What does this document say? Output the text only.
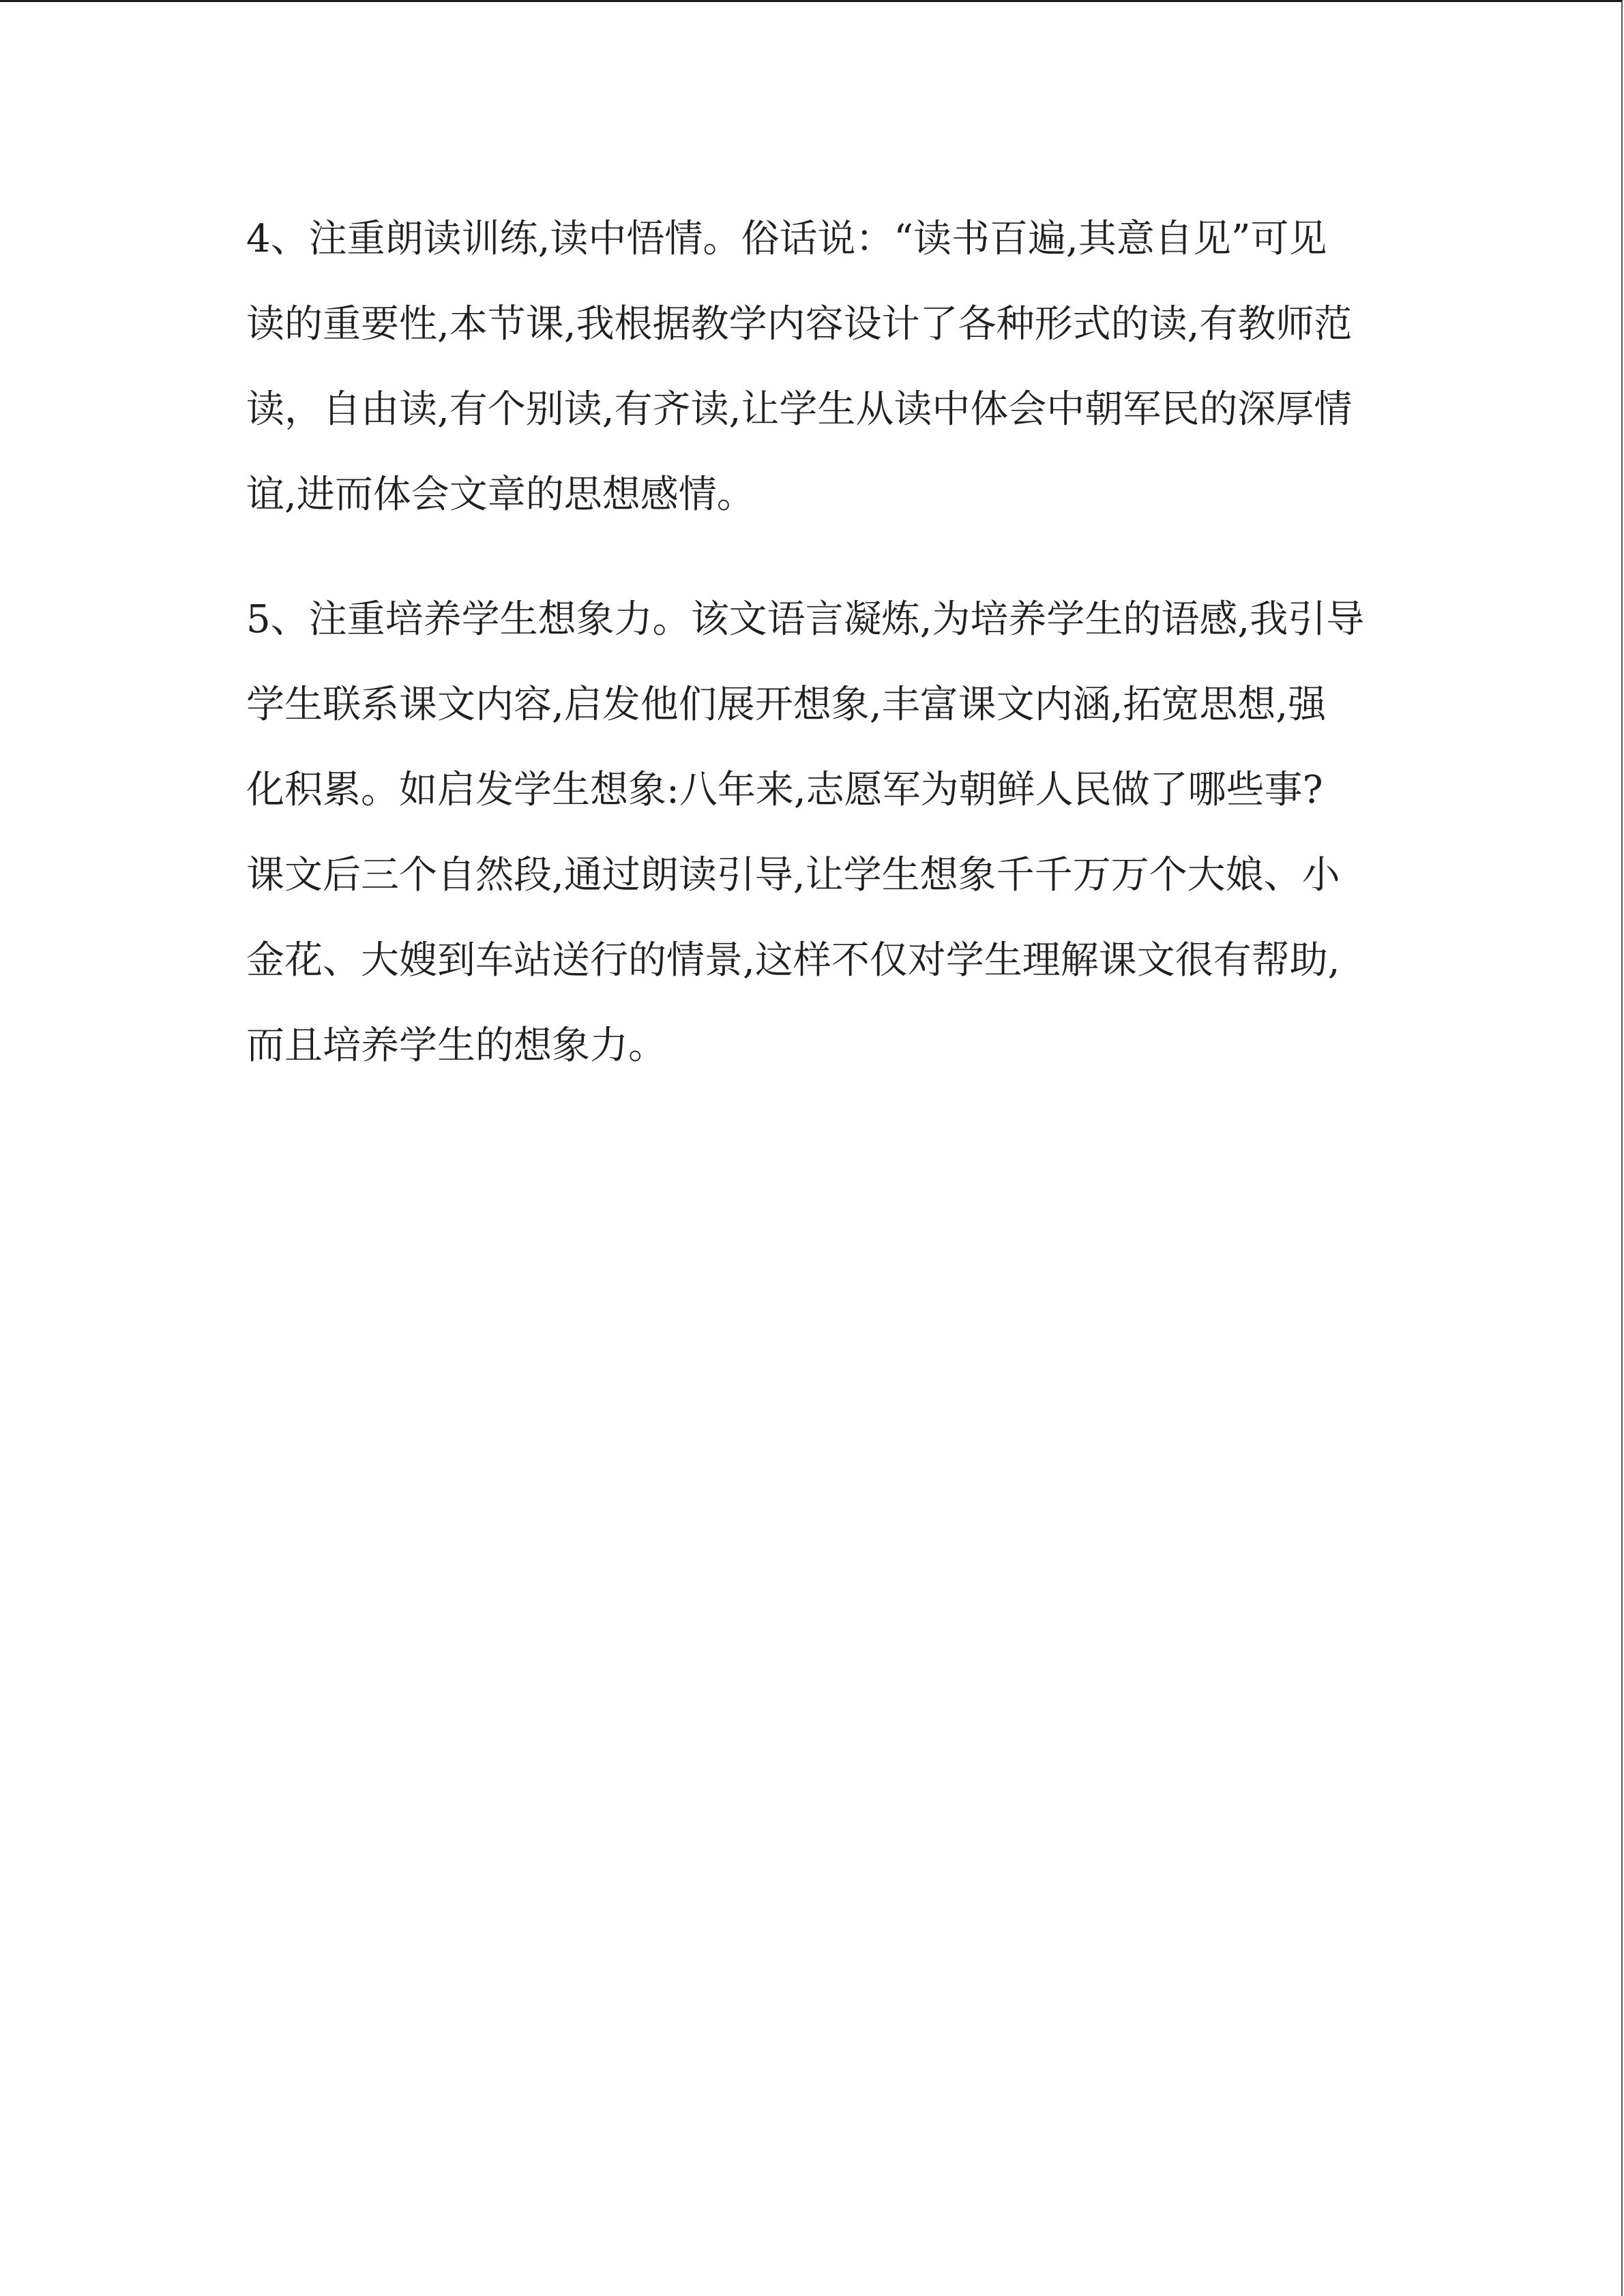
4、注重朗读训练,读中悟情。俗话说：“读书百遍,其意自见”可见
读的重要性,本节课,我根据教学内容设计了各种形式的读,有教师范
读，自由读,有个别读,有齐读,让学生从读中体会中朝军民的深厚情
谊,进而体会文章的思想感情。
5、注重培养学生想象力。该文语言凝炼,为培养学生的语感,我引导
学生联系课文内容,启发他们展开想象,丰富课文内涵,拓宽思想,强
化积累。如启发学生想象:八年来,志愿军为朝鲜人民做了哪些事?
课文后三个自然段,通过朗读引导,让学生想象千千万万个大娘、小
金花、大嫂到车站送行的情景,这样不仅对学生理解课文很有帮助,
而且培养学生的想象力。
